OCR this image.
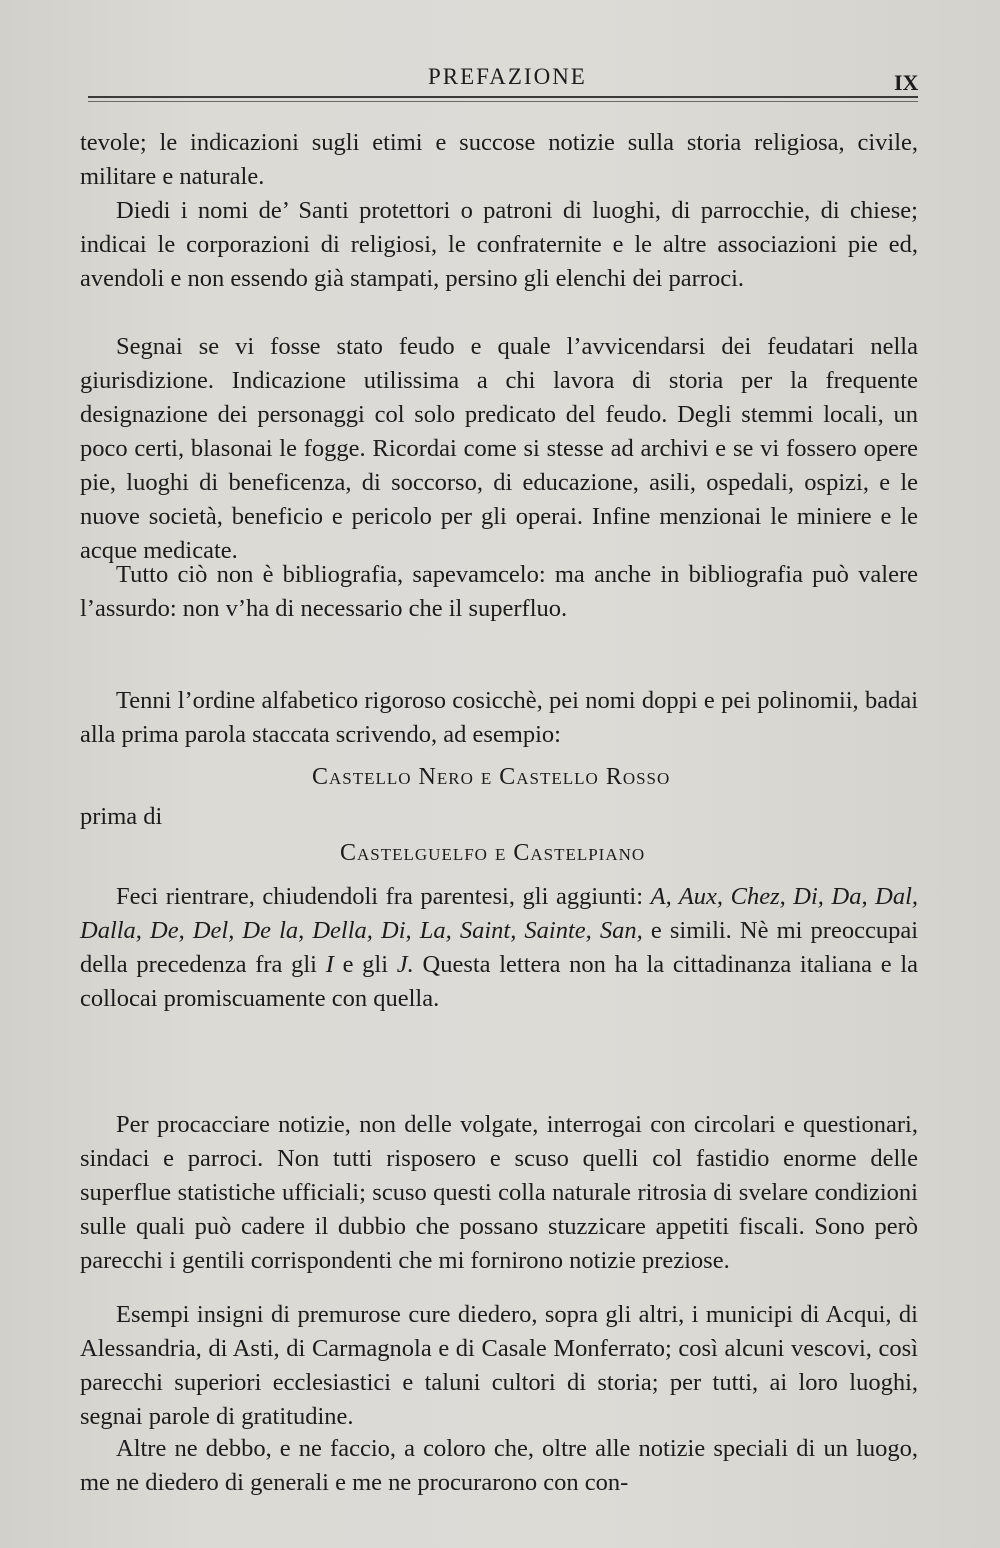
PREFAZIONE	IX

tevole; le indicazioni sugli etimi e succose notizie sulla storia religiosa, civile, militare e naturale.

Diedi i nomi de’ Santi protettori o patroni di luoghi, di parrocchie, di chiese; indicai le corporazioni di religiosi, le confraternite e le altre associazioni pie ed, avendoli e non essendo già stampati, persino gli elenchi dei parroci.

Segnai se vi fosse stato feudo e quale l’avvicendarsi dei feudatari nella giurisdizione. Indicazione utilissima a chi lavora di storia per la frequente designazione dei personaggi col solo predicato del feudo. Degli stemmi locali, un poco certi, blasonai le fogge. Ricordai come si stesse ad archivi e se vi fossero opere pie, luoghi di beneficenza, di soccorso, di educazione, asili, ospedali, ospizi, e le nuove società, beneficio e pericolo per gli operai. Infine menzionai le miniere e le acque medicate.

Tutto ciò non è bibliografia, sapevamcelo: ma anche in bibliografia può valere l’assurdo: non v’ha di necessario che il superfluo.

Tenni l’ordine alfabetico rigoroso cosicchè, pei nomi doppi e pei polinomii, badai alla prima parola staccata scrivendo, ad esempio:

Castello Nero e Castello Rosso

prima di

Castelguelfo e Castelpiano

Feci rientrare, chiudendoli fra parentesi, gli aggiunti: A, Aux, Chez, Di, Da, Dal, Dalla, De, Del, De la, Della, Di, La, Saint, Sainte, San, e simili. Nè mi preoccupai della precedenza fra gli I e gli J. Questa lettera non ha la cittadinanza italiana e la collocai promiscuamente con quella.

Per procacciare notizie, non delle volgate, interrogai con circolari e questionari, sindaci e parroci. Non tutti risposero e scuso quelli col fastidio enorme delle superflue statistiche ufficiali; scuso questi colla naturale ritrosia di svelare condizioni sulle quali può cadere il dubbio che possano stuzzicare appetiti fiscali. Sono però parecchi i gentili corrispondenti che mi fornirono notizie preziose.

Esempi insigni di premurose cure diedero, sopra gli altri, i municipi di Acqui, di Alessandria, di Asti, di Carmagnola e di Casale Monferrato; così alcuni vescovi, così parecchi superiori ecclesiastici e taluni cultori di storia; per tutti, ai loro luoghi, segnai parole di gratitudine.

Altre ne debbo, e ne faccio, a coloro che, oltre alle notizie speciali di un luogo, me ne diedero di generali e me ne procurarono con con-
